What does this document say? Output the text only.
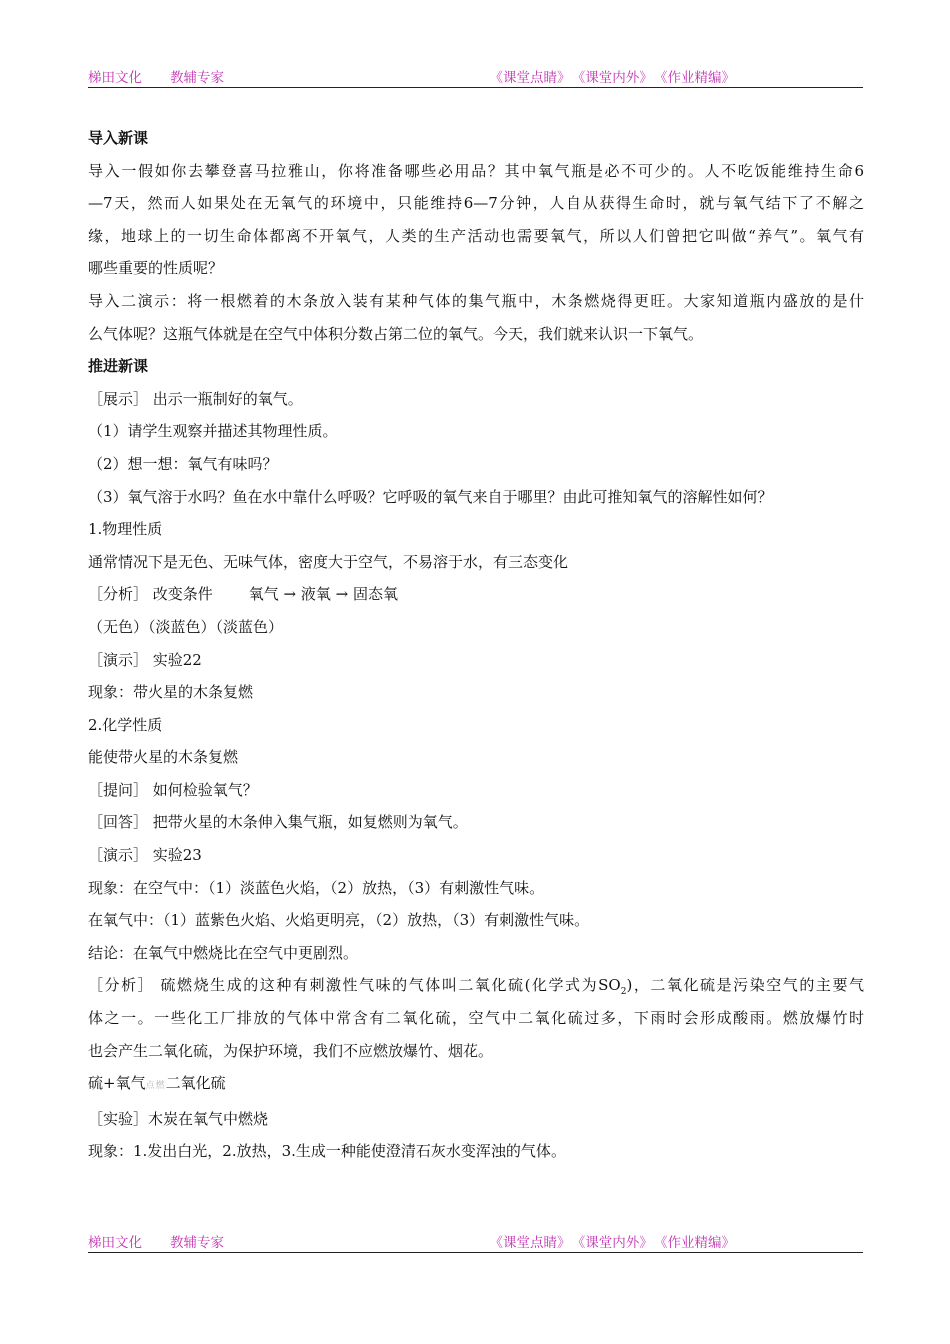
梯田文化 教辅专家	《课堂点睛》 《课堂内外》 《作业精编》
导入新课
导入一假如你去攀登喜马拉雅山，你将准备哪些必用品？其中氧气瓶是必不可少的。人不吃饭能维持生命6
—7天，然而人如果处在无氧气的环境中，只能维持6—7分钟，人自从获得生命时，就与氧气结下了不解之
缘，地球上的一切生命体都离不开氧气，人类的生产活动也需要氧气，所以人们曾把它叫做“养气”。氧气有
哪些重要的性质呢？
导入二演示：将一根燃着的木条放入装有某种气体的集气瓶中，木条燃烧得更旺。大家知道瓶内盛放的是什
么气体呢？这瓶气体就是在空气中体积分数占第二位的氧气。今天，我们就来认识一下氧气。
推进新课
［展示］ 出示一瓶制好的氧气。
（1）请学生观察并描述其物理性质。
（2）想一想：氧气有味吗？
（3）氧气溶于水吗？鱼在水中靠什么呼吸？它呼吸的氧气来自于哪里？由此可推知氧气的溶解性如何？
1.物理性质
通常情况下是无色、无味气体，密度大于空气，不易溶于水，有三态变化
［分析］ 改变条件 氧气 → 液氧 → 固态氧
（无色）（淡蓝色）（淡蓝色）
［演示］ 实验22
现象：带火星的木条复燃
2.化学性质
能使带火星的木条复燃
［提问］ 如何检验氧气？
［回答］ 把带火星的木条伸入集气瓶，如复燃则为氧气。
［演示］ 实验23
现象：在空气中：（1）淡蓝色火焰，（2）放热，（3）有刺激性气味。
在氧气中：（1）蓝紫色火焰、火焰更明亮，（2）放热，（3）有刺激性气味。
结论：在氧气中燃烧比在空气中更剧烈。
［分析］ 硫燃烧生成的这种有刺激性气味的气体叫二氧化硫(化学式为$SO_2$)，二氧化硫是污染空气的主要气
体之一。一些化工厂排放的气体中常含有二氧化硫，空气中二氧化硫过多，下雨时会形成酸雨。燃放爆竹时
也会产生二氧化硫，为保护环境，我们不应燃放爆竹、烟花。
硫+氧气点燃二氧化硫
［实验］木炭在氧气中燃烧
现象：1.发出白光，2.放热，3.生成一种能使澄清石灰水变浑浊的气体。
梯田文化 教辅专家	《课堂点睛》 《课堂内外》 《作业精编》
